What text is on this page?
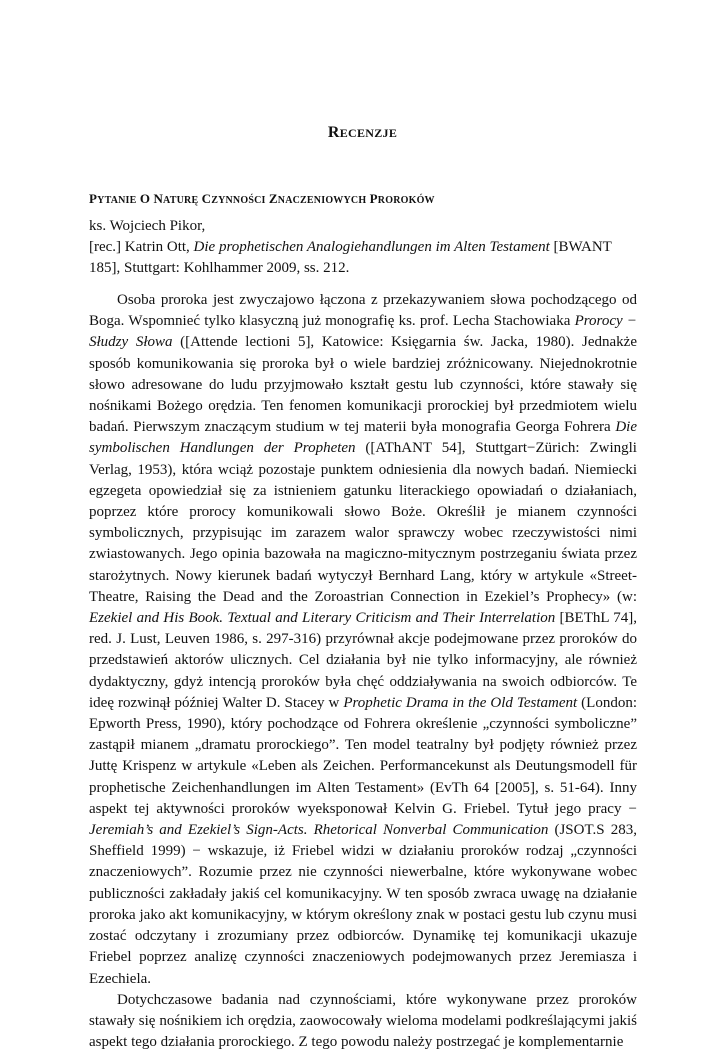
RECENZJE
PYTANIE O NATURĘ CZYNNOŚCI ZNACZENIOWYCH PROROKÓW
ks. Wojciech Pikor,
[rec.] Katrin Ott, Die prophetischen Analogiehandlungen im Alten Testament [BWANT 185], Stuttgart: Kohlhammer 2009, ss. 212.

Osoba proroka jest zwyczajowo łączona z przekazywaniem słowa pochodzącego od Boga. Wspomnieć tylko klasyczną już monografię ks. prof. Lecha Stachowiaka Prorocy − Słudzy Słowa ([Attende lectioni 5], Katowice: Księgarnia św. Jacka, 1980). Jednakże sposób komunikowania się proroka był o wiele bardziej zróżnicowany. Niejednokrotnie słowo adresowane do ludu przyjmowało kształt gestu lub czynności, które stawały się nośnikami Bożego orędzia. Ten fenomen komunikacji prorockiej był przedmiotem wielu badań. Pierwszym znaczącym studium w tej materii była monografia Georga Fohrera Die symbolischen Handlungen der Propheten ([AThANT 54], Stuttgart−Zürich: Zwingli Verlag, 1953), która wciąż pozostaje punktem odniesienia dla nowych badań. Niemiecki egzegeta opowiedział się za istnieniem gatunku literackiego opowiadań o działaniach, poprzez które prorocy komunikowali słowo Boże. Określił je mianem czynności symbolicznych, przypisując im zarazem walor sprawczy wobec rzeczywistości nimi zwiastowanych. Jego opinia bazowała na magiczno-mitycznym postrzeganiu świata przez starożytnych. Nowy kierunek badań wytyczył Bernhard Lang, który w artykule «Street-Theatre, Raising the Dead and the Zoroastrian Connection in Ezekiel’s Prophecy» (w: Ezekiel and His Book. Textual and Literary Criticism and Their Interrelation [BEThL 74], red. J. Lust, Leuven 1986, s. 297-316) przyrównał akcje podejmowane przez proroków do przedstawień aktorów ulicznych. Cel działania był nie tylko informacyjny, ale również dydaktyczny, gdyż intencją proroków była chęć oddziaływania na swoich odbiorców. Te ideę rozwinął później Walter D. Stacey w Prophetic Drama in the Old Testament (London: Epworth Press, 1990), który pochodzące od Fohrera określenie „czynności symboliczne” zastąpił mianem „dramatu prorockiego”. Ten model teatralny był podjęty również przez Juttę Krispenz w artykule «Leben als Zeichen. Performancekunst als Deutungsmodell für prophetische Zeichenhandlungen im Alten Testament» (EvTh 64 [2005], s. 51-64). Inny aspekt tej aktywności proroków wyeksponował Kelvin G. Friebel. Tytuł jego pracy − Jeremiah’s and Ezekiel’s Sign-Acts. Rhetorical Nonverbal Communication (JSOT.S 283, Sheffield 1999) − wskazuje, iż Friebel widzi w działaniu proroków rodzaj „czynności znaczeniowych”. Rozumie przez nie czynności niewerbalne, które wykonywane wobec publiczności zakładały jakiś cel komunikacyjny. W ten sposób zwraca uwagę na działanie proroka jako akt komunikacyjny, w którym określony znak w postaci gestu lub czynu musi zostać odczytany i zrozumiany przez odbiorców. Dynamikę tej komunikacji ukazuje Friebel poprzez analizę czynności znaczeniowych podejmowanych przez Jeremiasza i Ezechiela.

Dotychczasowe badania nad czynnościami, które wykonywane przez proroków stawały się nośnikiem ich orędzia, zaowocowały wieloma modelami podkreślającymi jakiś aspekt tego działania prorockiego. Z tego powodu należy postrzegać je komplementarnie
